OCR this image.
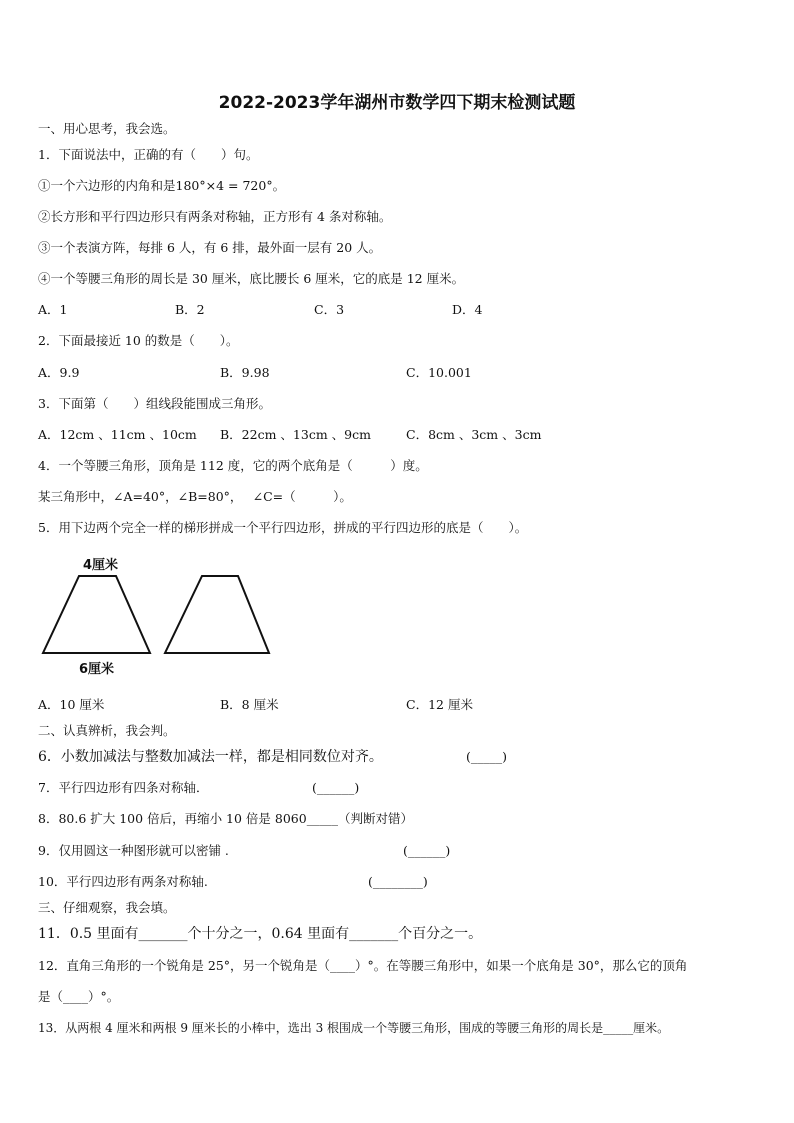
2022-2023学年湖州市数学四下期末检测试题
一、用心思考，我会选。
1．下面说法中，正确的有（　　）句。
①一个六边形的内角和是180°×4 = 720°。
②长方形和平行四边形只有两条对称轴，正方形有 4 条对称轴。
③一个表演方阵，每排 6 人，有 6 排，最外面一层有 20 人。
④一个等腰三角形的周长是 30 厘米，底比腰长 6 厘米，它的底是 12 厘米。
A．1	B．2	C．3	D．4
2．下面最接近 10 的数是（　　）。
A．9.9	B．9.98	C．10.001
3．下面第（　　）组线段能围成三角形。
A．12cm 、11cm 、10cm B．22cm 、13cm 、9cm	C．8cm 、3cm 、3cm
4．一个等腰三角形，顶角是 112 度，它的两个底角是（　　　）度。
某三角形中，∠A=40°，∠B=80°，　 ∠C=（　　　）。
5．用下边两个完全一样的梯形拼成一个平行四边形，拼成的平行四边形的底是（　　）。
4厘米
6厘米
A．10 厘米	B．8 厘米	C．12 厘米
二、认真辨析，我会判。
6．小数加减法与整数加减法一样，都是相同数位对齐。	(_____)
7．平行四边形有四条对称轴．	(______)
8．80.6 扩大 100 倍后，再缩小 10 倍是 8060_____（判断对错）
9．仅用圆这一种图形就可以密铺 .	(______)
10．平行四边形有两条对称轴.	(________)
三、仔细观察，我会填。
11．0.5 里面有_______个十分之一，0.64 里面有_______个百分之一。
12．直角三角形的一个锐角是 25°，另一个锐角是（____）°。在等腰三角形中，如果一个底角是 30°，那么它的顶角
是（____）°。
13．从两根 4 厘米和两根 9 厘米长的小棒中，选出 3 根围成一个等腰三角形，围成的等腰三角形的周长是_____厘米。
